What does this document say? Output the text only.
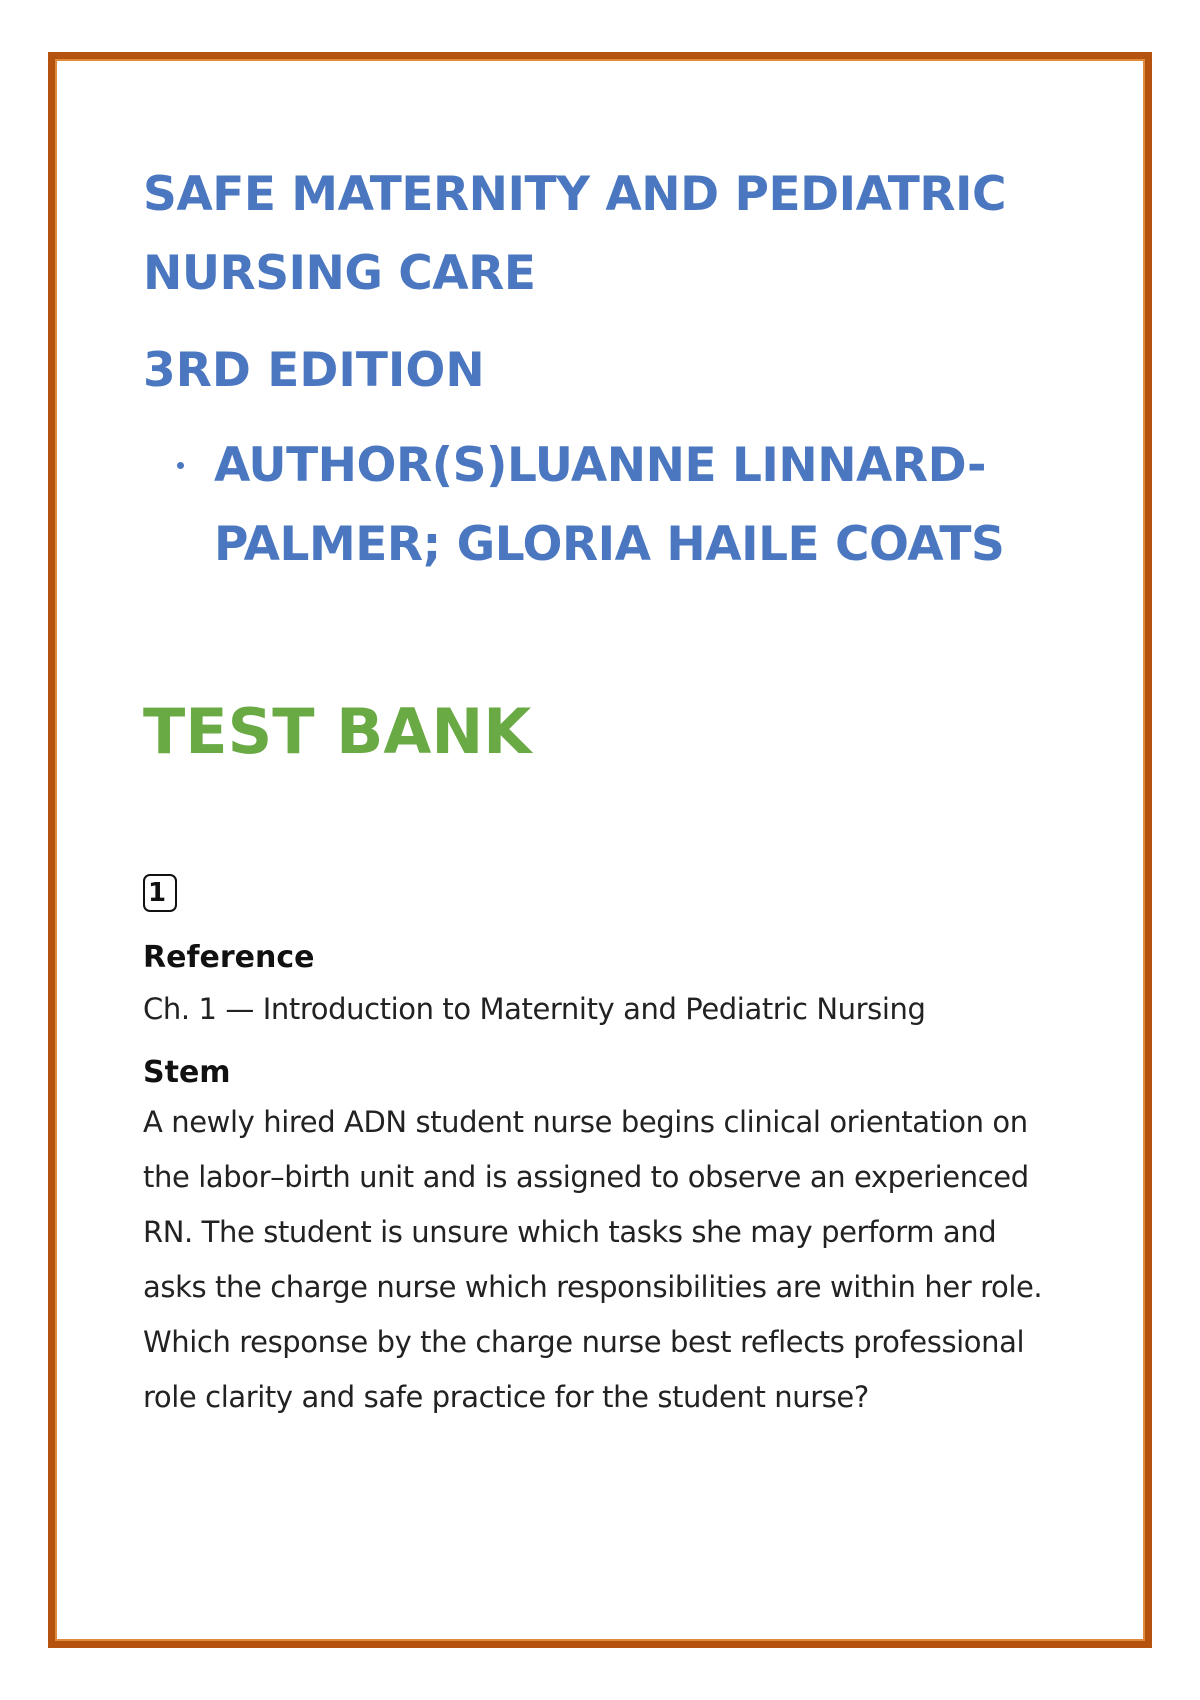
SAFE MATERNITY AND PEDIATRIC
NURSING CARE
3RD EDITION
AUTHOR(S)LUANNE LINNARD-
PALMER; GLORIA HAILE COATS
TEST BANK
1
Reference
Ch. 1 — Introduction to Maternity and Pediatric Nursing
Stem
A newly hired ADN student nurse begins clinical orientation on
the labor–birth unit and is assigned to observe an experienced
RN. The student is unsure which tasks she may perform and
asks the charge nurse which responsibilities are within her role.
Which response by the charge nurse best reflects professional
role clarity and safe practice for the student nurse?
